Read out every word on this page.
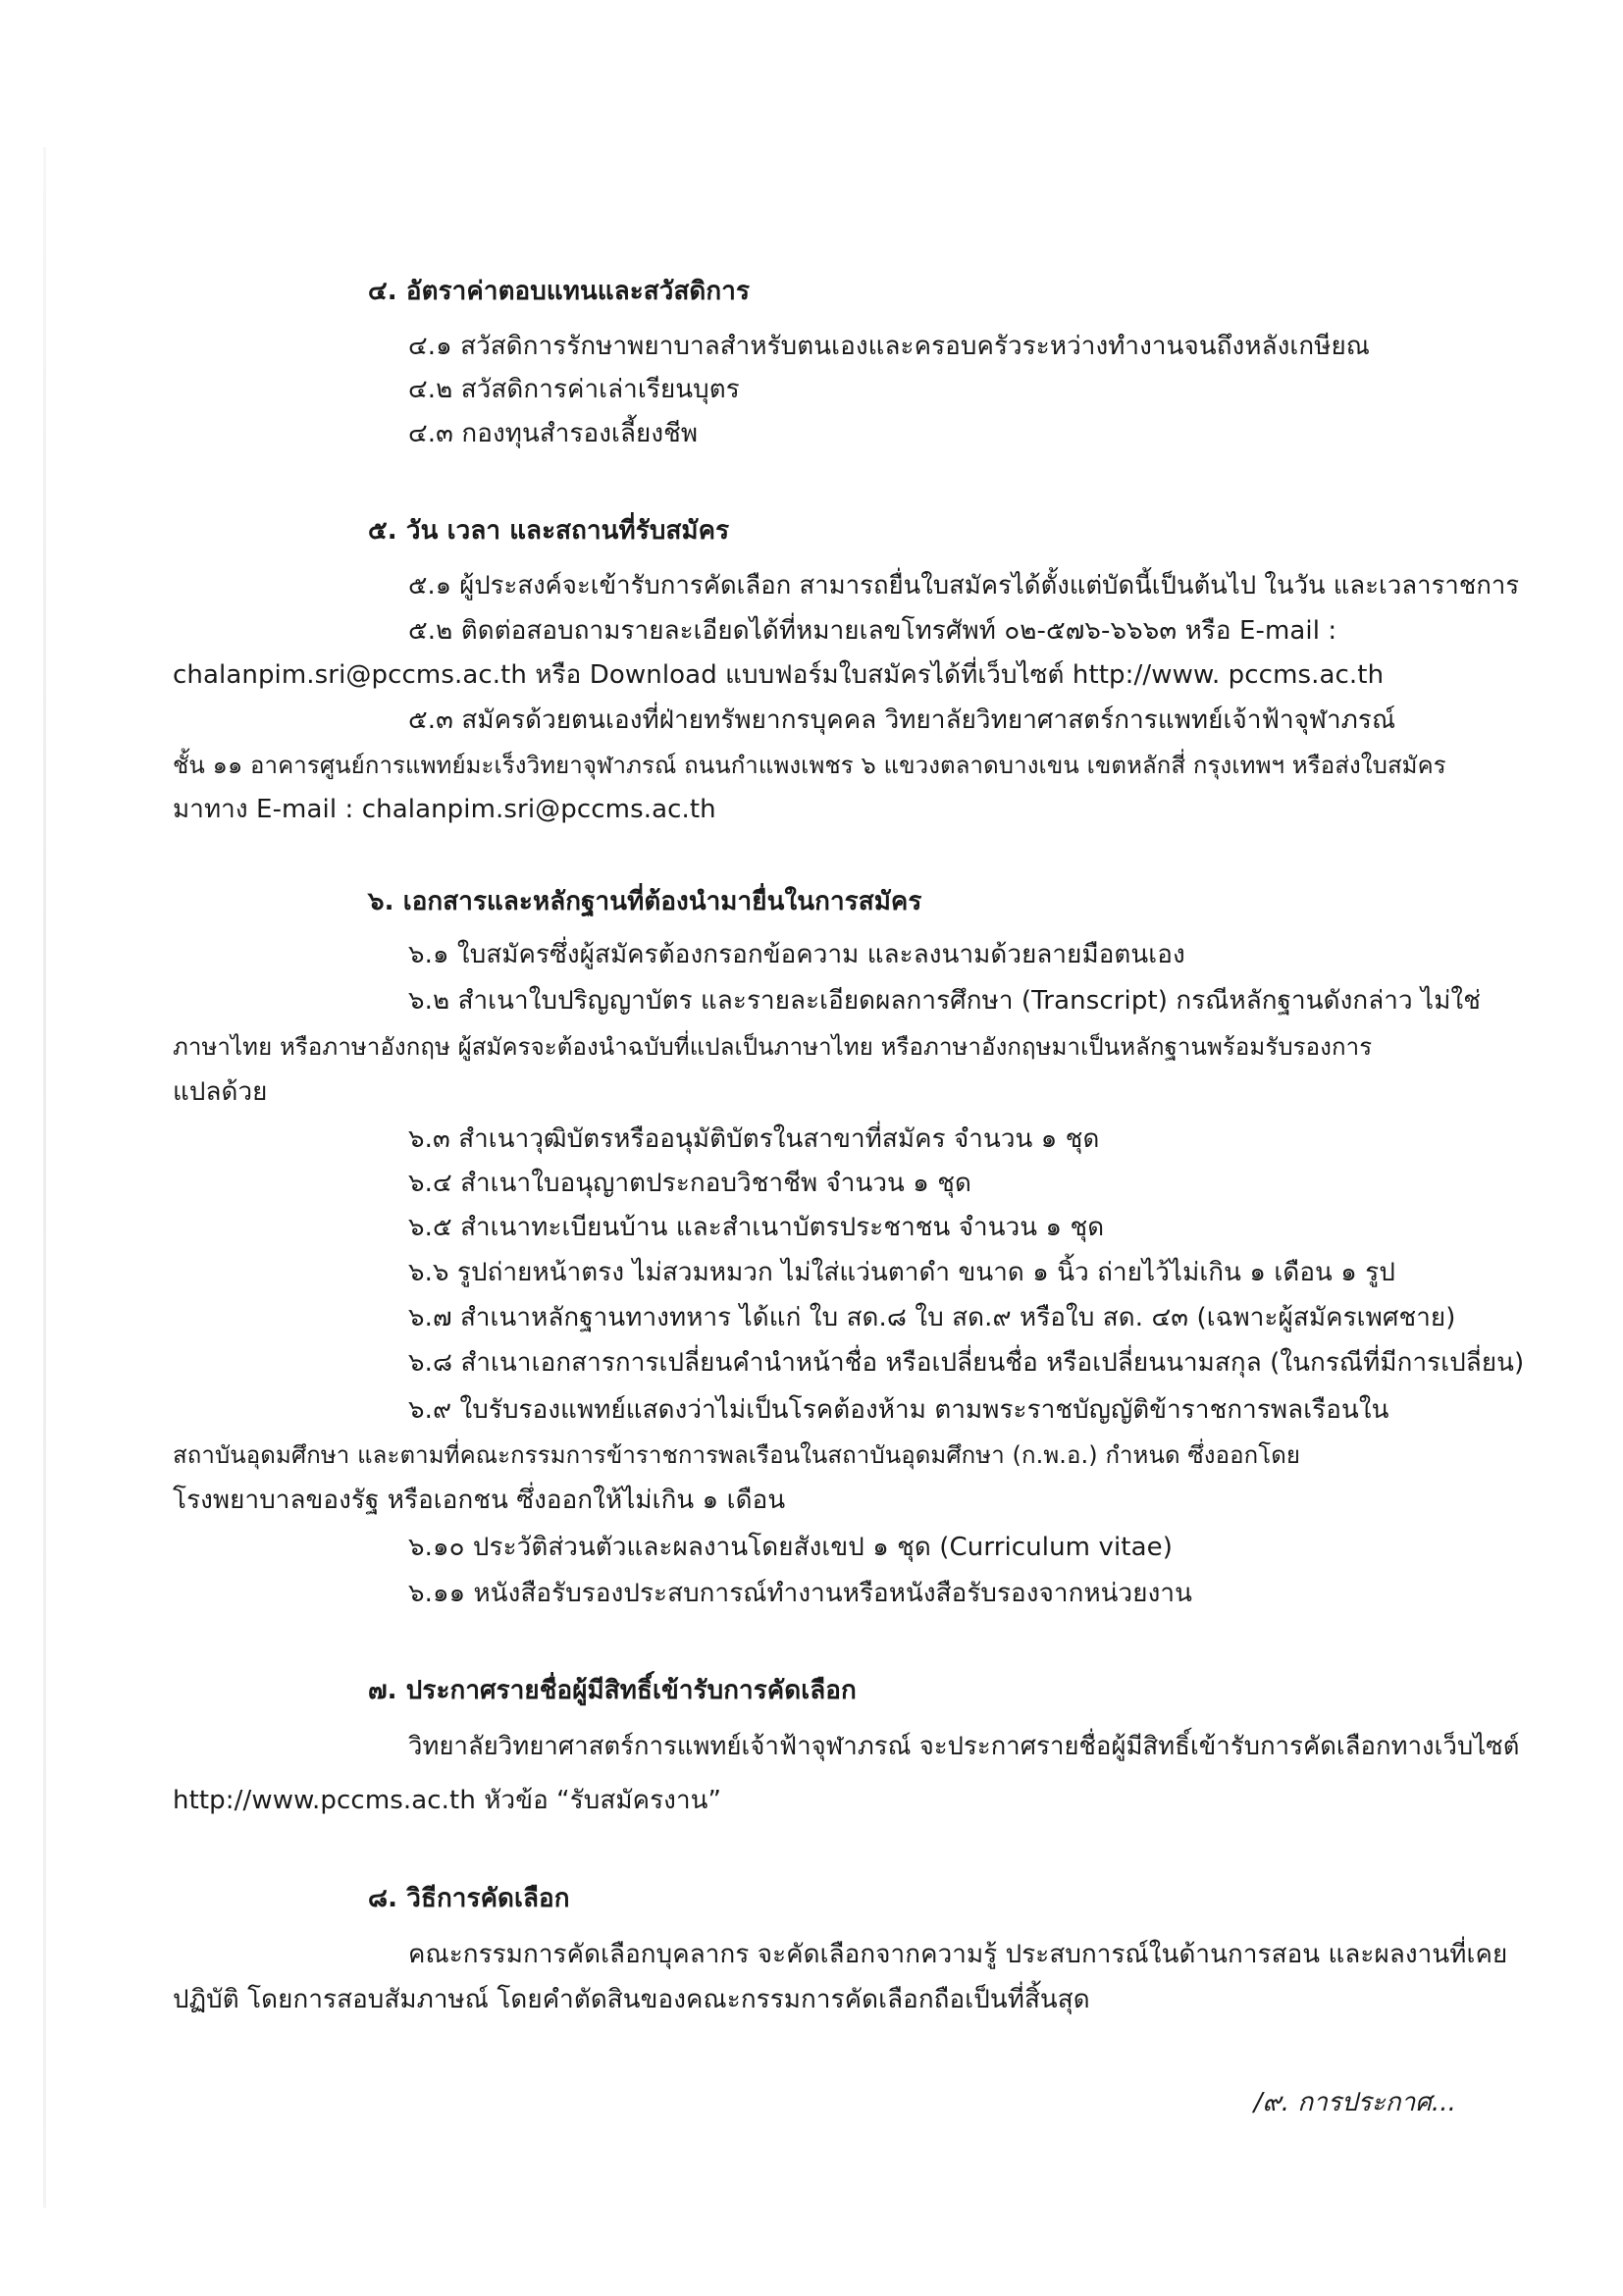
๔. อัตราค่าตอบแทนและสวัสดิการ
๔.๑ สวัสดิการรักษาพยาบาลสำหรับตนเองและครอบครัวระหว่างทำงานจนถึงหลังเกษียณ
๔.๒ สวัสดิการค่าเล่าเรียนบุตร
๔.๓ กองทุนสำรองเลี้ยงชีพ
๕. วัน เวลา และสถานที่รับสมัคร
๕.๑ ผู้ประสงค์จะเข้ารับการคัดเลือก สามารถยื่นใบสมัครได้ตั้งแต่บัดนี้เป็นต้นไป ในวัน และเวลาราชการ
๕.๒ ติดต่อสอบถามรายละเอียดได้ที่หมายเลขโทรศัพท์ ๐๒-๕๗๖-๖๖๖๓ หรือ E-mail :
chalanpim.sri@pccms.ac.th หรือ Download แบบฟอร์มใบสมัครได้ที่เว็บไซต์ http://www. pccms.ac.th
๕.๓ สมัครด้วยตนเองที่ฝ่ายทรัพยากรบุคคล วิทยาลัยวิทยาศาสตร์การแพทย์เจ้าฟ้าจุฬาภรณ์
ชั้น ๑๑ อาคารศูนย์การแพทย์มะเร็งวิทยาจุฬาภรณ์ ถนนกำแพงเพชร ๖ แขวงตลาดบางเขน เขตหลักสี่ กรุงเทพฯ หรือส่งใบสมัคร
มาทาง E-mail : chalanpim.sri@pccms.ac.th
๖. เอกสารและหลักฐานที่ต้องนำมายื่นในการสมัคร
๖.๑ ใบสมัครซึ่งผู้สมัครต้องกรอกข้อความ และลงนามด้วยลายมือตนเอง
๖.๒ สำเนาใบปริญญาบัตร และรายละเอียดผลการศึกษา (Transcript) กรณีหลักฐานดังกล่าว ไม่ใช่
ภาษาไทย หรือภาษาอังกฤษ ผู้สมัครจะต้องนำฉบับที่แปลเป็นภาษาไทย หรือภาษาอังกฤษมาเป็นหลักฐานพร้อมรับรองการ
แปลด้วย
๖.๓ สำเนาวุฒิบัตรหรืออนุมัติบัตรในสาขาที่สมัคร จำนวน ๑ ชุด
๖.๔ สำเนาใบอนุญาตประกอบวิชาชีพ จำนวน ๑ ชุด
๖.๕ สำเนาทะเบียนบ้าน และสำเนาบัตรประชาชน จำนวน ๑ ชุด
๖.๖ รูปถ่ายหน้าตรง ไม่สวมหมวก ไม่ใส่แว่นตาดำ ขนาด ๑ นิ้ว ถ่ายไว้ไม่เกิน ๑ เดือน ๑ รูป
๖.๗ สำเนาหลักฐานทางทหาร ได้แก่ ใบ สด.๘ ใบ สด.๙ หรือใบ สด. ๔๓ (เฉพาะผู้สมัครเพศชาย)
๖.๘ สำเนาเอกสารการเปลี่ยนคำนำหน้าชื่อ หรือเปลี่ยนชื่อ หรือเปลี่ยนนามสกุล (ในกรณีที่มีการเปลี่ยน)
๖.๙ ใบรับรองแพทย์แสดงว่าไม่เป็นโรคต้องห้าม ตามพระราชบัญญัติข้าราชการพลเรือนใน
สถาบันอุดมศึกษา และตามที่คณะกรรมการข้าราชการพลเรือนในสถาบันอุดมศึกษา (ก.พ.อ.) กำหนด ซึ่งออกโดย
โรงพยาบาลของรัฐ หรือเอกชน ซึ่งออกให้ไม่เกิน ๑ เดือน
๖.๑๐ ประวัติส่วนตัวและผลงานโดยสังเขป ๑ ชุด (Curriculum vitae)
๖.๑๑ หนังสือรับรองประสบการณ์ทำงานหรือหนังสือรับรองจากหน่วยงาน
๗. ประกาศรายชื่อผู้มีสิทธิ์เข้ารับการคัดเลือก
วิทยาลัยวิทยาศาสตร์การแพทย์เจ้าฟ้าจุฬาภรณ์ จะประกาศรายชื่อผู้มีสิทธิ์เข้ารับการคัดเลือกทางเว็บไซต์
http://www.pccms.ac.th หัวข้อ “รับสมัครงาน”
๘. วิธีการคัดเลือก
คณะกรรมการคัดเลือกบุคลากร จะคัดเลือกจากความรู้ ประสบการณ์ในด้านการสอน และผลงานที่เคย
ปฏิบัติ โดยการสอบสัมภาษณ์ โดยคำตัดสินของคณะกรรมการคัดเลือกถือเป็นที่สิ้นสุด
/๙. การประกาศ...
